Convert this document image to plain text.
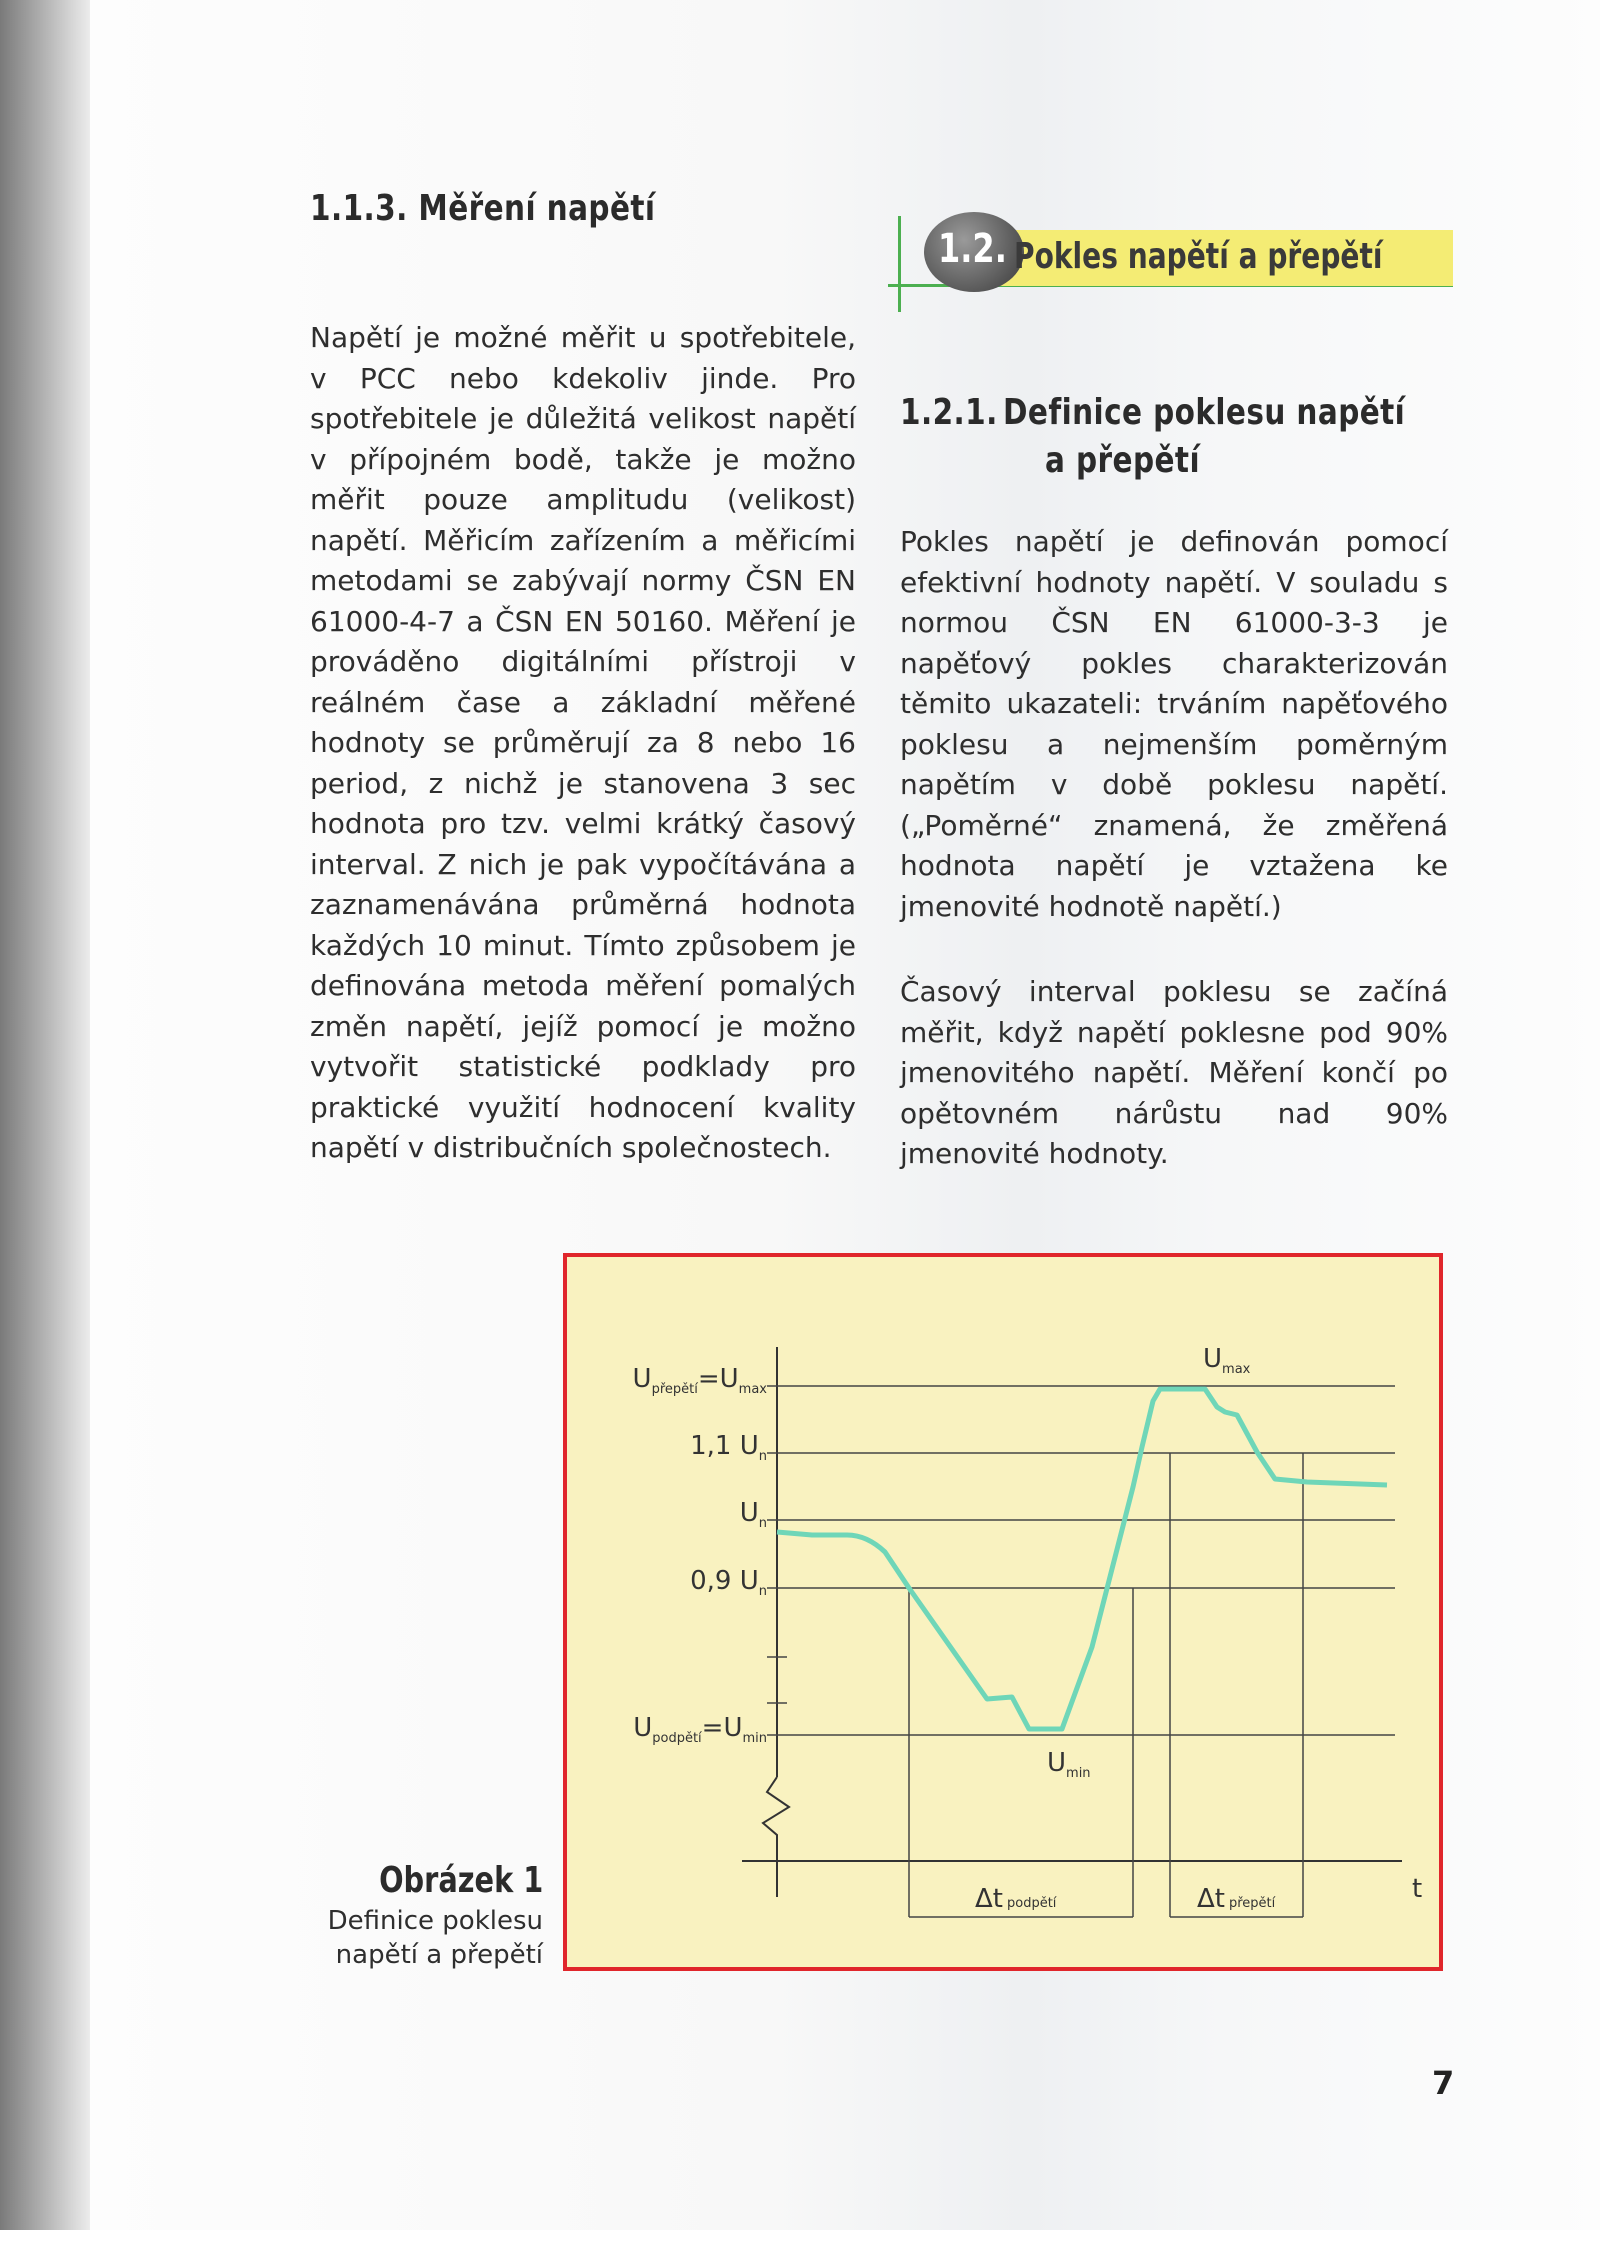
1.1.3. Měření napětí

Napětí je možné měřit u spotřebitele, v PCC nebo kdekoliv jinde. Pro spotřebitele je důležitá velikost napětí v přípojném bodě, takže je možno měřit pouze amplitudu (velikost) napětí. Měřicím zařízením a měřicími metodami se zabývají normy ČSN EN 61000-4-7 a ČSN EN 50160. Měření je prováděno digitálními přístroji v reálném čase a základní měřené hodnoty se průměrují za 8 nebo 16 period, z nichž je stanovena 3 sec hodnota pro tzv. velmi krátký časový interval. Z nich je pak vypočítávána a zaznamenávána průměrná hodnota každých 10 minut. Tímto způsobem je definována metoda měření pomalých změn napětí, jejíž pomocí je možno vytvořit statistické podklady pro praktické využití hodnocení kvality napětí v distribučních společnostech.

1.2. Pokles napětí a přepětí
1.2.1. Definice poklesu napětí
a přepětí

Pokles napětí je definován pomocí efektivní hodnoty napětí. V souladu s normou ČSN EN 61000-3-3 je napěťový pokles charakterizován těmito ukazateli: trváním napěťového poklesu a nejmenším poměrným napětím v době poklesu napětí. („Poměrné“ znamená, že změřená hodnota napětí je vztažena ke jmenovité hodnotě napětí.)

Časový interval poklesu se začíná měřit, když napětí poklesne pod 90% jmenovitého napětí. Měření končí po opětovném nárůstu nad 90% jmenovité hodnoty.

$U_{přepětí}=U_{max}$
1,1 $U_n$
$U_n$
0,9 $U_n$
$U_{podpětí}=U_{min}$
$U_{max}$
$U_{min}$
t
Δt podpětí	Δt přepětí

Obrázek 1

Definice poklesu

napětí a přepětí

7
